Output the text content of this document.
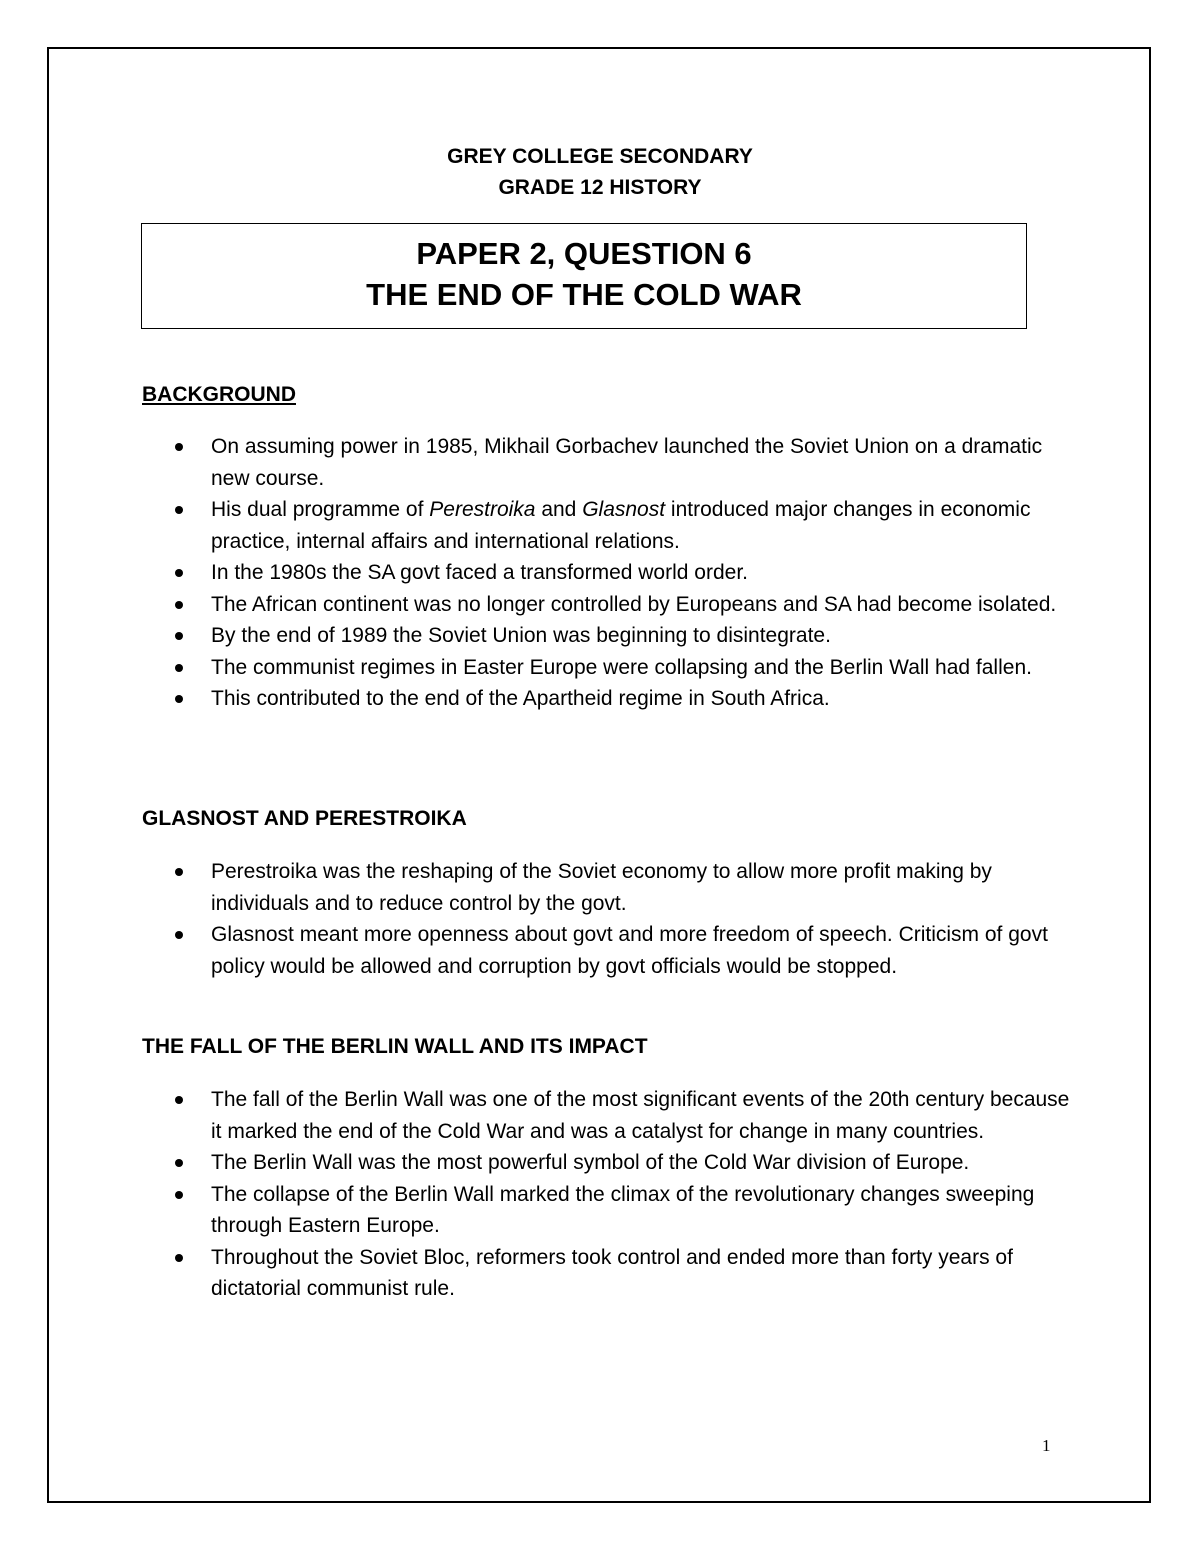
GREY COLLEGE SECONDARY
GRADE 12 HISTORY
PAPER 2, QUESTION 6
THE END OF THE COLD WAR
BACKGROUND
On assuming power in 1985, Mikhail Gorbachev launched the Soviet Union on a dramatic new course.
His dual programme of Perestroika and Glasnost introduced major changes in economic practice, internal affairs and international relations.
In the 1980s the SA govt faced a transformed world order.
The African continent was no longer controlled by Europeans and SA had become isolated.
By the end of 1989 the Soviet Union was beginning to disintegrate.
The communist regimes in Easter Europe were collapsing and the Berlin Wall had fallen.
This contributed to the end of the Apartheid regime in South Africa.
GLASNOST AND PERESTROIKA
Perestroika was the reshaping of the Soviet economy to allow more profit making by individuals and to reduce control by the govt.
Glasnost meant more openness about govt and more freedom of speech. Criticism of govt policy would be allowed and corruption by govt officials would be stopped.
THE FALL OF THE BERLIN WALL AND ITS IMPACT
The fall of the Berlin Wall was one of the most significant events of the 20th century because it marked the end of the Cold War and was a catalyst for change in many countries.
The Berlin Wall was the most powerful symbol of the Cold War division of Europe.
The collapse of the Berlin Wall marked the climax of the revolutionary changes sweeping through Eastern Europe.
Throughout the Soviet Bloc, reformers took control and ended more than forty years of dictatorial communist rule.
1
